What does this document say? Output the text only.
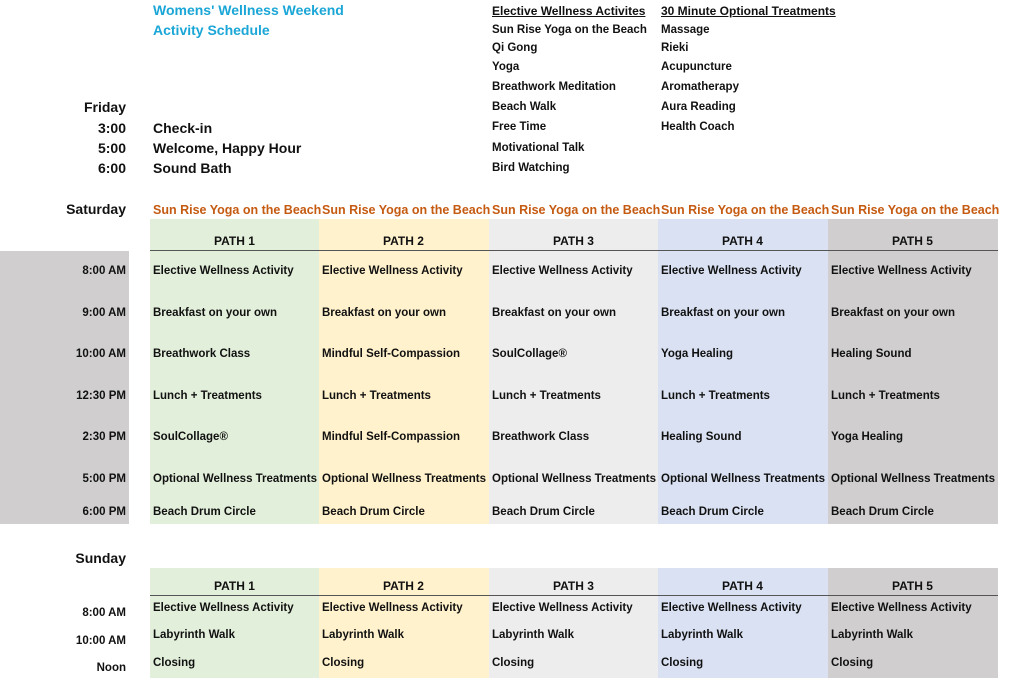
Womens' Wellness Weekend
Activity Schedule
Elective Wellness Activites
Sun Rise Yoga on the Beach
Qi Gong
Yoga
Breathwork Meditation
Beach Walk
Free Time
Motivational Talk
Bird Watching
30 Minute Optional Treatments
Massage
Rieki
Acupuncture
Aromatherapy
Aura Reading
Health Coach
Friday
3:00 Check-in
5:00 Welcome, Happy Hour
6:00 Sound Bath
Saturday Sun Rise Yoga on the Beach Sun Rise Yoga on the Beach Sun Rise Yoga on the Beach Sun Rise Yoga on the Beach Sun Rise Yoga on the Beach
PATH 1	PATH 2	PATH 3	PATH 4	PATH 5
8:00 AM Elective Wellness Activity	Elective Wellness Activity	Elective Wellness Activity	Elective Wellness Activity	Elective Wellness Activity
9:00 AM Breakfast on your own	Breakfast on your own	Breakfast on your own	Breakfast on your own	Breakfast on your own
10:00 AM Breathwork Class	Mindful Self-Compassion	SoulCollage®	Yoga Healing	Healing Sound
12:30 PM Lunch + Treatments	Lunch + Treatments	Lunch + Treatments	Lunch + Treatments	Lunch + Treatments
2:30 PM SoulCollage®	Mindful Self-Compassion	Breathwork Class	Healing Sound	Yoga Healing
5:00 PM Optional Wellness Treatments Optional Wellness Treatments Optional Wellness Treatments Optional Wellness Treatments Optional Wellness Treatments
6:00 PM Beach Drum Circle	Beach Drum Circle	Beach Drum Circle	Beach Drum Circle	Beach Drum Circle
Sunday
PATH 1	PATH 2	PATH 3	PATH 4	PATH 5
8:00 AM Elective Wellness Activity	Elective Wellness Activity	Elective Wellness Activity	Elective Wellness Activity	Elective Wellness Activity
10:00 AM Labyrinth Walk	Labyrinth Walk	Labyrinth Walk	Labyrinth Walk	Labyrinth Walk
Noon Closing	Closing	Closing	Closing	Closing
